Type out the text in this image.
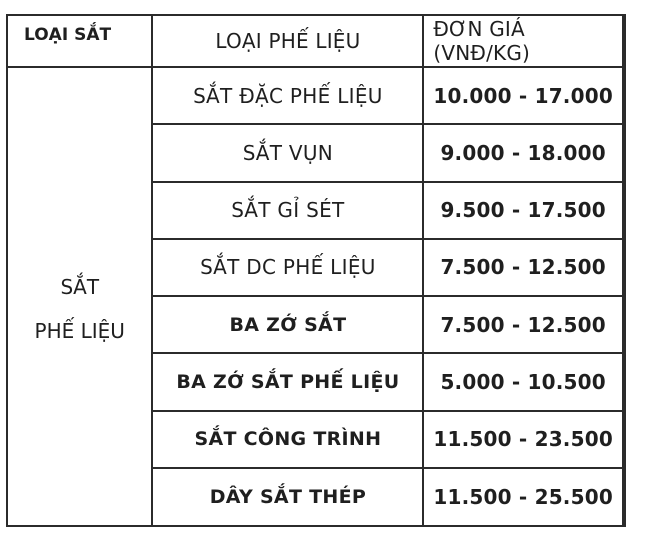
LOẠI SẮT	LOẠI PHẾ LIỆU	ĐƠN GIÁ (VNĐ/KG)

SẮT
PHẾ LIỆU	SẮT ĐẶC PHẾ LIỆU	10.000 - 17.000
	SẮT VỤN	9.000 - 18.000
	SẮT GỈ SÉT	9.500 - 17.500
	SẮT DC PHẾ LIỆU	7.500 - 12.500
	BA ZỚ SẮT	7.500 - 12.500
	BA ZỚ SẮT PHẾ LIỆU	5.000 - 10.500
	SẮT CÔNG TRÌNH	11.500 - 23.500
	DÂY SẮT THÉP	11.500 - 25.500
